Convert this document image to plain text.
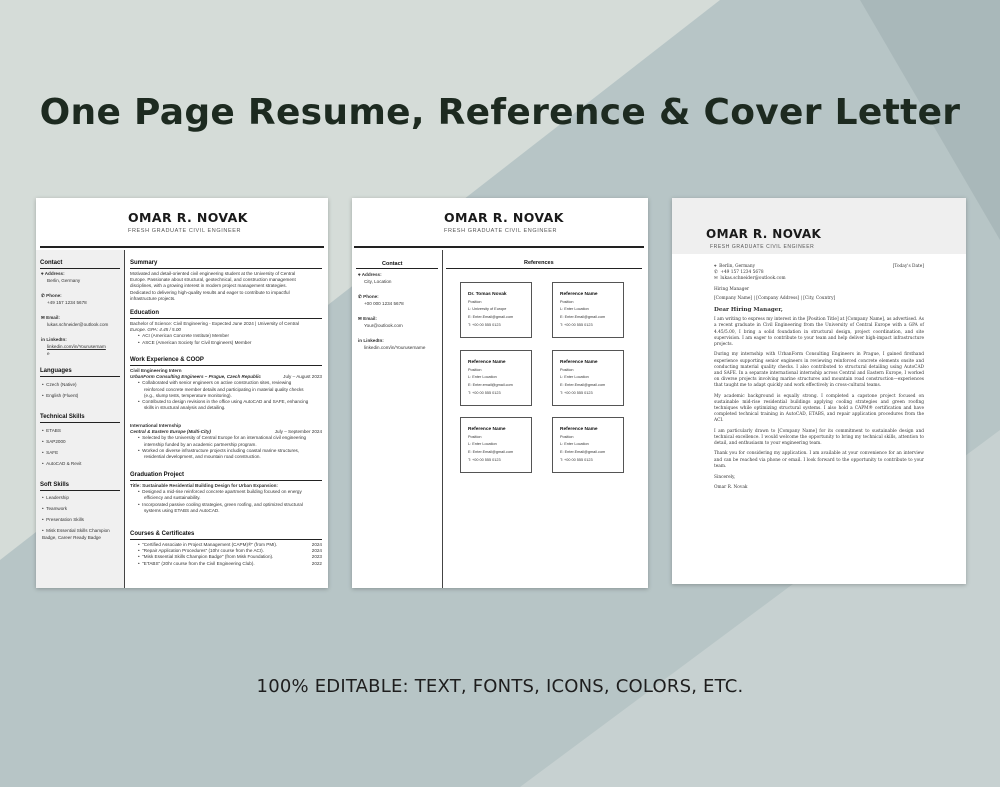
One Page Resume, Reference & Cover Letter
OMAR R. NOVAK
FRESH GRADUATE CIVIL ENGINEER
Contact
⌖ Address:
Berlin, Germany
✆ Phone:
+49 157 1234 5678
✉ Email:
lukas.schneider@outlook.com
in LinkedIn:
linkedin.com/in/Yourusernam
e
Languages
•  Czech (Native)
•  English (Fluent)
Technical Skills
•  ETABS
•  SAP2000
•  SAFE
•  AutoCAD & Revit
Soft Skills
•  Leadership
•  Teamwork
•  Presentation Skills
•  Misk Essential Skills Champion Badge, Career Ready Badge
Summary
Motivated and detail-oriented civil engineering student at the University of Central
Europe. Passionate about structural, geotechnical, and construction management
disciplines, with a growing interest in modern project management strategies.
Dedicated to delivering high-quality results and eager to contribute to impactful
infrastructure projects.
Education
Bachelor of Science: Civil Engineering - Expected June 2024 | University of Central
Europe. GPA: 4.45 / 5.00
•  ACI (American Concrete Institute) Member
•  ASCE (American Society for Civil Engineers) Member
Work Experience & COOP
Civil Engineering Intern
UrbanForm Consulting Engineers – Prague, Czech Republic	July – August 2023
•  Collaborated with senior engineers on active construction sites, reviewing
reinforced concrete member details and participating in material quality checks
(e.g., slump tests, temperature monitoring).
•  Contributed to design revisions in the office using AutoCAD and SAFE, enhancing
skills in structural analysis and detailing.
International Internship
Central & Eastern Europe (Multi-City)	July – September 2024
•  Selected by the University of Central Europe for an international civil engineering
internship funded by an academic partnership program.
•  Worked on diverse infrastructure projects including coastal marine structures,
residential development, and mountain road construction.
Graduation Project
Title: Sustainable Residential Building Design for Urban Expansion:
•  Designed a mid-rise reinforced concrete apartment building focused on energy
efficiency and sustainability.
•  Incorporated passive cooling strategies, green roofing, and optimized structural
systems using ETABS and AutoCAD.
Courses & Certificates
•  "Certified Associate in Project Management (CAPM)®" (from PMI).	2024
•  "Repair Application Procedures" (10hr course from the ACI).	2024
•  "Misk Essential Skills Champion Badge" (from Misk Foundation).	2023
•  "ETABS" (20hr course from the Civil Engineering Club).	2022
OMAR R. NOVAK
FRESH GRADUATE CIVIL ENGINEER
Contact
⌖ Address:
City, Location
✆ Phone:
+00 000 1234 5678
✉ Email:
Your@outlook.com
in LinkedIn:
linkedin.com/in/Yourusername
References
Dr. Tomas Novak
Position
L: University of Europe
E: Enter.Email@gmail.com
T: +00 00 555 0123
Reference Name
Position
L: Enter Location
E: Enter.Email@gmail.com
T: +00 00 555 0123
Reference Name
Position
L: Enter Location
E: Enter.email@gmail.com
T: +00 00 555 0123
Reference Name
Position
L: Enter Location
E: Enter.Email@gmail.com
T: +00 00 555 0123
Reference Name
Position
L: Enter Location
E: Enter.Email@gmail.com
T: +00 00 555 0123
Reference Name
Position
L: Enter Location
E: Enter.Email@gmail.com
T: +00 00 555 0123
OMAR R. NOVAK
FRESH GRADUATE CIVIL ENGINEER
⌖  Berlin, Germany	[Today's Date]
✆  +49 157 1234 5678
✉  lukas.schneider@outlook.com
Hiring Manager
[Company Name] | [Company Address] | [City, Country]
Dear Hiring Manager,
I am writing to express my interest in the [Position Title] at [Company Name], as advertised. As a recent graduate in Civil Engineering from the University of Central Europe with a GPA of 4.45/5.00, I bring a solid foundation in structural design, project coordination, and site supervision. I am eager to contribute to your team and help deliver high-impact infrastructure projects.
During my internship with UrbanForm Consulting Engineers in Prague, I gained firsthand experience supporting senior engineers in reviewing reinforced concrete elements onsite and conducting material quality checks. I also contributed to structural detailing using AutoCAD and SAFE. In a separate international internship across Central and Eastern Europe, I worked on diverse projects involving marine structures and mountain road construction—experiences that taught me to adapt quickly and work effectively in cross-cultural teams.
My academic background is equally strong. I completed a capstone project focused on sustainable mid-rise residential buildings applying cooling strategies and green roofing techniques while optimizing structural systems. I also hold a CAPM® certification and have completed technical training in AutoCAD, ETABS, and repair application procedures from the ACI.
I am particularly drawn to [Company Name] for its commitment to sustainable design and technical excellence. I would welcome the opportunity to bring my technical skills, attention to detail, and enthusiasm to your engineering team.
Thank you for considering my application. I am available at your convenience for an interview and can be reached via phone or email. I look forward to the opportunity to contribute to your team.
Sincerely,
Omar R. Novak
100% EDITABLE: TEXT, FONTS, ICONS, COLORS, ETC.
